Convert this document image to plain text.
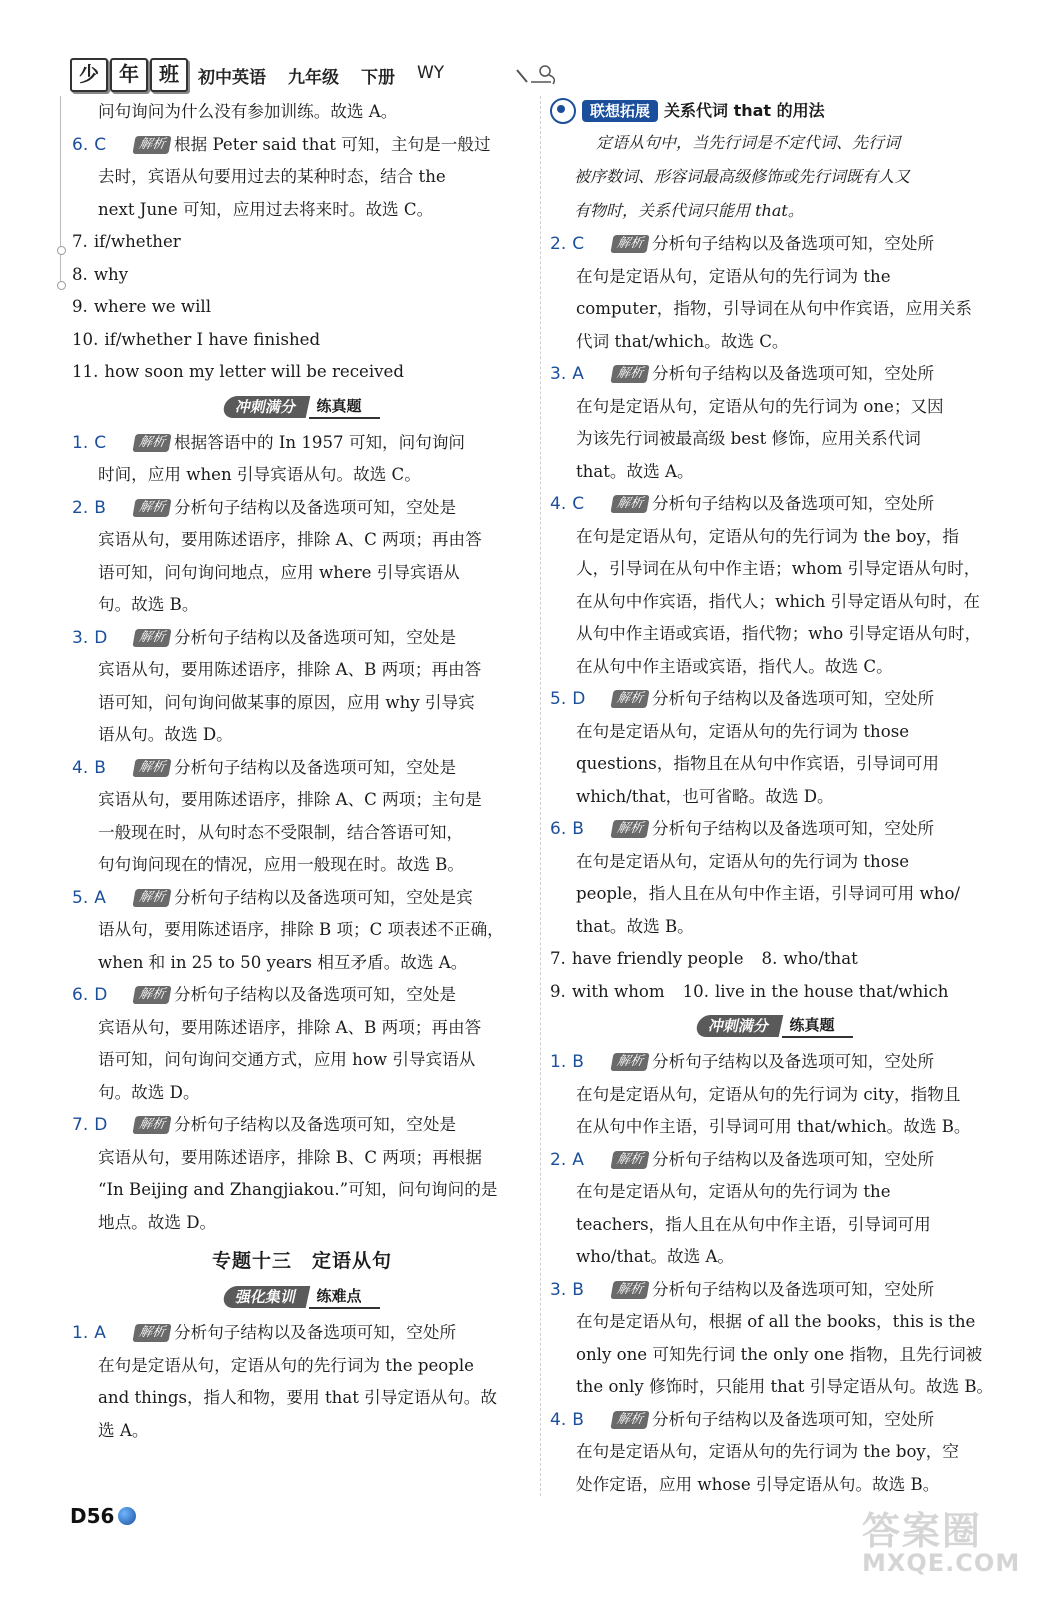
少	年	班	初中英语 九年级 下册 WY
问句询问为什么没有参加训练。故选 A。
6. C 解析 根据 Peter said that 可知，主句是一般过
去时，宾语从句要用过去的某种时态，结合 the
next June 可知，应用过去将来时。故选 C。
7. if/whether
8. why
9. where we will
10. if/whether I have finished
11. how soon my letter will be received
冲刺满分	练真题
1. C 解析 根据答语中的 In 1957 可知，问句询问
时间，应用 when 引导宾语从句。故选 C。
2. B 解析 分析句子结构以及备选项可知，空处是
宾语从句，要用陈述语序，排除 A、C 两项；再由答
语可知，问句询问地点，应用 where 引导宾语从
句。故选 B。
3. D 解析 分析句子结构以及备选项可知，空处是
宾语从句，要用陈述语序，排除 A、B 两项；再由答
语可知，问句询问做某事的原因，应用 why 引导宾
语从句。故选 D。
4. B 解析 分析句子结构以及备选项可知，空处是
宾语从句，要用陈述语序，排除 A、C 两项；主句是
一般现在时，从句时态不受限制，结合答语可知，
句句询问现在的情况，应用一般现在时。故选 B。
5. A 解析 分析句子结构以及备选项可知，空处是宾
语从句，要用陈述语序，排除 B 项；C 项表述不正确，
when 和 in 25 to 50 years 相互矛盾。故选 A。
6. D 解析 分析句子结构以及备选项可知，空处是
宾语从句，要用陈述语序，排除 A、B 两项；再由答
语可知，问句询问交通方式，应用 how 引导宾语从
句。故选 D。
7. D 解析 分析句子结构以及备选项可知，空处是
宾语从句，要用陈述语序，排除 B、C 两项；再根据
“In Beijing and Zhangjiakou.”可知，问句询问的是
地点。故选 D。
专题十三　定语从句
强化集训	练难点
1. A 解析 分析句子结构以及备选项可知，空处所
在句是定语从句，定语从句的先行词为 the people
and things，指人和物，要用 that 引导定语从句。故
选 A。
联想拓展 关系代词 that 的用法
定语从句中，当先行词是不定代词、先行词
被序数词、形容词最高级修饰或先行词既有人又
有物时，关系代词只能用 that。
2. C 解析 分析句子结构以及备选项可知，空处所
在句是定语从句，定语从句的先行词为 the
computer，指物，引导词在从句中作宾语，应用关系
代词 that/which。故选 C。
3. A 解析 分析句子结构以及备选项可知，空处所
在句是定语从句，定语从句的先行词为 one；又因
为该先行词被最高级 best 修饰，应用关系代词
that。故选 A。
4. C 解析 分析句子结构以及备选项可知，空处所
在句是定语从句，定语从句的先行词为 the boy，指
人，引导词在从句中作主语；whom 引导定语从句时，
在从句中作宾语，指代人；which 引导定语从句时，在
从句中作主语或宾语，指代物；who 引导定语从句时，
在从句中作主语或宾语，指代人。故选 C。
5. D 解析 分析句子结构以及备选项可知，空处所
在句是定语从句，定语从句的先行词为 those
questions，指物且在从句中作宾语，引导词可用
which/that，也可省略。故选 D。
6. B 解析 分析句子结构以及备选项可知，空处所
在句是定语从句，定语从句的先行词为 those
people，指人且在从句中作主语，引导词可用 who/
that。故选 B。
7. have friendly people 8. who/that
9. with whom 10. live in the house that/which
冲刺满分	练真题
1. B 解析 分析句子结构以及备选项可知，空处所
在句是定语从句，定语从句的先行词为 city，指物且
在从句中作主语，引导词可用 that/which。故选 B。
2. A 解析 分析句子结构以及备选项可知，空处所
在句是定语从句，定语从句的先行词为 the
teachers，指人且在从句中作主语，引导词可用
who/that。故选 A。
3. B 解析 分析句子结构以及备选项可知，空处所
在句是定语从句，根据 of all the books，this is the
only one 可知先行词 the only one 指物，且先行词被
the only 修饰时，只能用 that 引导定语从句。故选 B。
4. B 解析 分析句子结构以及备选项可知，空处所
在句是定语从句，定语从句的先行词为 the boy，空
处作定语，应用 whose 引导定语从句。故选 B。
D56	答案圈
MXQE.COM
